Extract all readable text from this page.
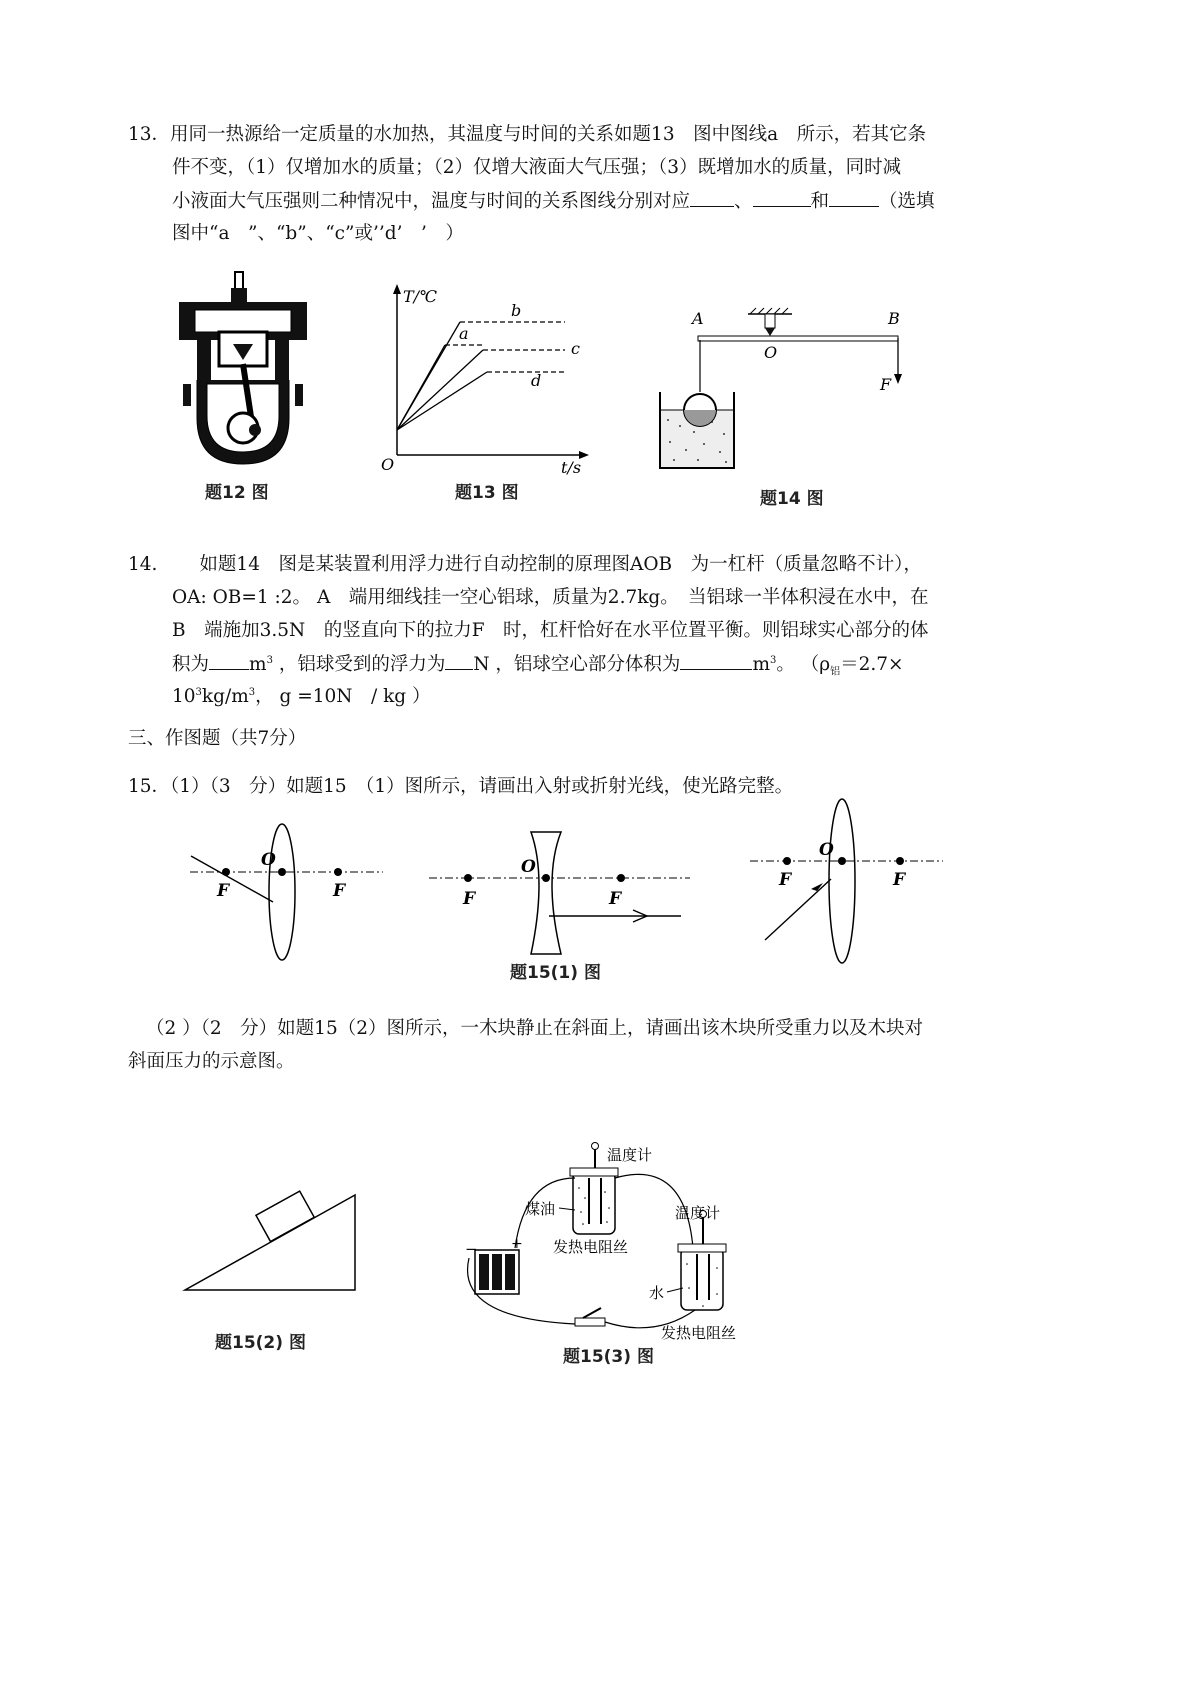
13．用同一热源给一定质量的水加热，其温度与时间的关系如题13　图中图线a　所示，若其它条
件不变，（1）仅增加水的质量；（2）仅增大液面大气压强；（3）既增加水的质量，同时减
小液面大气压强则二种情况中，温度与时间的关系图线分别对应 、	和	（选填
图中“a　”、“b”、“c”或’’d’　’　）
题12 图
T/℃
t/s
O
b
a
c
d
题13 图
A	B
O
F
题14 图
14. 如题14　图是某装置利用浮力进行自动控制的原理图AOB　为一杠杆（质量忽略不计），
OA: OB=1 :2。 A　端用细线挂一空心铝球，质量为2.7kg。　当铝球一半体积浸在水中，在
B　端施加3.5N　的竖直向下的拉力F　时，杠杆恰好在水平位置平衡。则铝球实心部分的体
积为 $m^3$ ，铝球受到的浮力为 N ，铝球空心部分体积为	$m^3$。 （$\rho_铝=2.7\times$
$10^3kg/m^3$， g =10N　/ kg ）
三、作图题（共7分）
15．（1）（3　分）如题15　（1）图所示，请画出入射或折射光线，使光路完整。
O
F	F
O
F	F
O
F	F
题15(1) 图
（2 ）（2　分）如题15（2）图所示，一木块静止在斜面上，请画出该木块所受重力以及木块对
斜面压力的示意图。
题15(2) 图
温度计
煤油
发热电阻丝
温度计
水
发热电阻丝
− +
题15(3) 图
